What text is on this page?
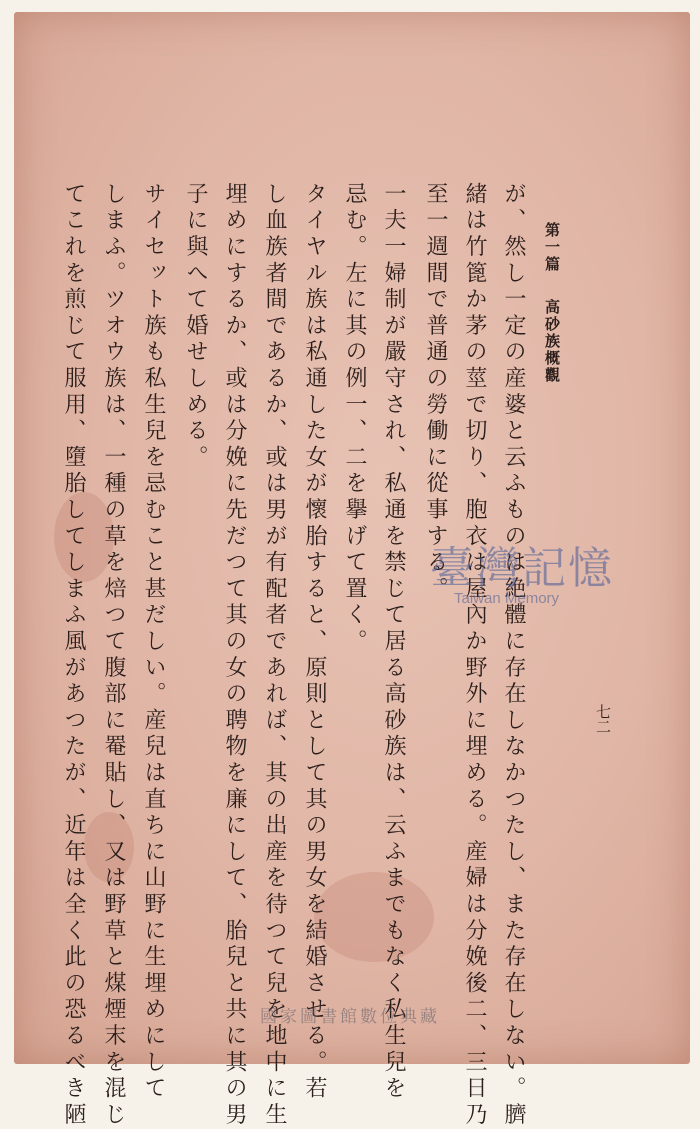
第一篇  高砂族概觀
七二
が、然し一定の産婆と云ふものは絶體に存在しなかつたし、また存在しない。臍
緒は竹篦か茅の莖で切り、胞衣は屋內か野外に埋める。産婦は分娩後二、三日乃
至一週間で普通の勞働に從事する。
一夫一婦制が嚴守され、私通を禁じて居る高砂族は、云ふまでもなく私生兒を
忌む。左に其の例一、二を擧げて置く。
タイヤル族は私通した女が懷胎すると、原則として其の男女を結婚させる。若
し血族者間であるか、或は男が有配者であれば、其の出産を待つて兒を地中に生
埋めにするか、或は分娩に先だつて其の女の聘物を廉にして、胎兒と共に其の男
子に與へて婚せしめる。
サイセット族も私生兒を忌むこと甚だしい。産兒は直ちに山野に生埋めにして
しまふ。ツオウ族は、一種の草を焙つて腹部に罨貼し、又は野草と煤煙末を混じ
てこれを煎じて服用、墮胎してしまふ風があつたが、近年は全く此の恐るべき陋	臺灣記憶
Taiwan Memory
國家圖書館數位典藏
